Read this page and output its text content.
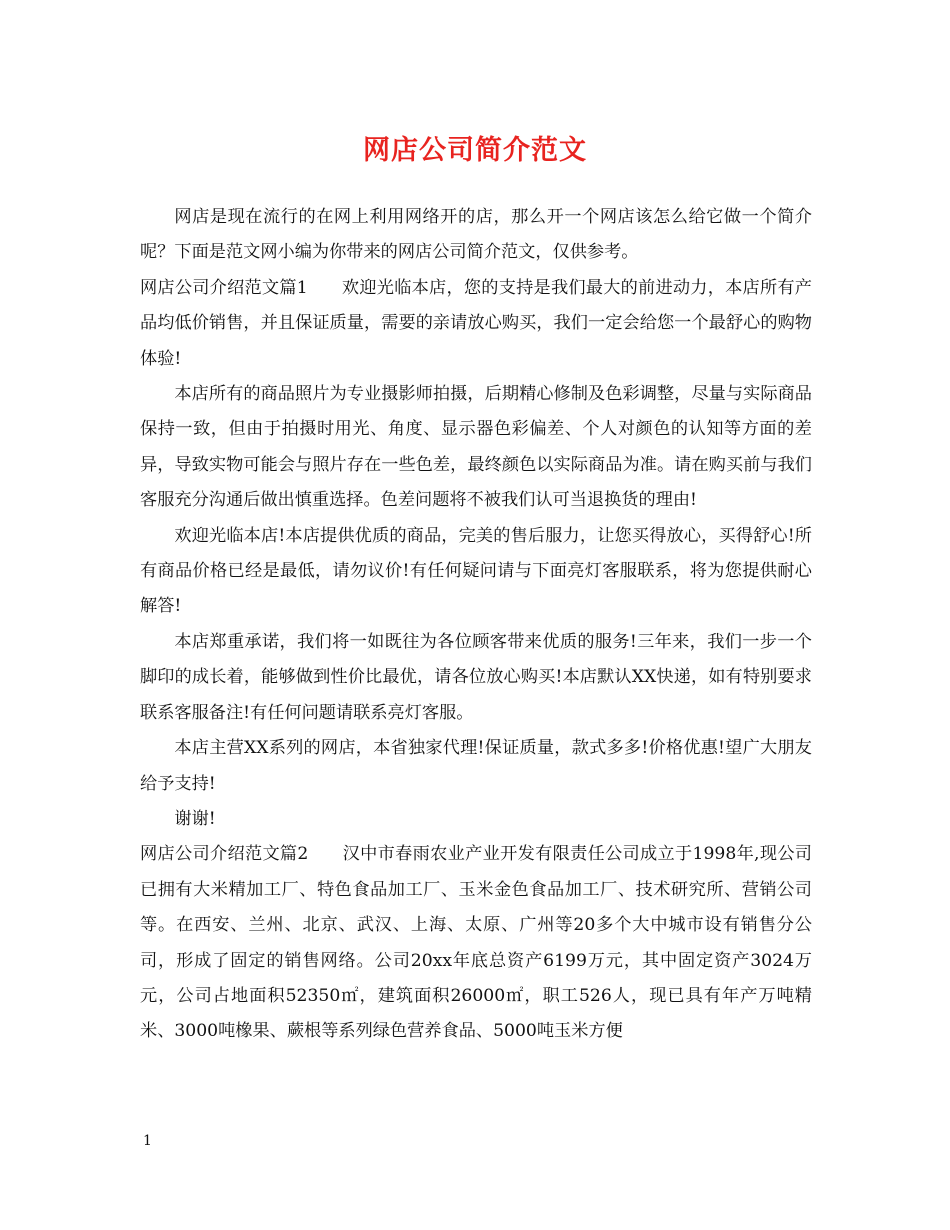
网店公司简介范文

网店是现在流行的在网上利用网络开的店，那么开一个网店该怎么给它做一个简介呢？下面是范文网小编为你带来的网店公司简介范文，仅供参考。

网店公司介绍范文篇1 欢迎光临本店，您的支持是我们最大的前进动力，本店所有产品均低价销售，并且保证质量，需要的亲请放心购买，我们一定会给您一个最舒心的购物体验!

本店所有的商品照片为专业摄影师拍摄，后期精心修制及色彩调整，尽量与实际商品保持一致，但由于拍摄时用光、角度、显示器色彩偏差、个人对颜色的认知等方面的差异，导致实物可能会与照片存在一些色差，最终颜色以实际商品为准。请在购买前与我们客服充分沟通后做出慎重选择。色差问题将不被我们认可当退换货的理由!

欢迎光临本店!本店提供优质的商品，完美的售后服力，让您买得放心，买得舒心!所有商品价格已经是最低，请勿议价!有任何疑问请与下面亮灯客服联系，将为您提供耐心解答!

本店郑重承诺，我们将一如既往为各位顾客带来优质的服务!三年来，我们一步一个脚印的成长着，能够做到性价比最优，请各位放心购买!本店默认XX快递，如有特别要求联系客服备注!有任何问题请联系亮灯客服。

本店主营XX系列的网店，本省独家代理!保证质量，款式多多!价格优惠!望广大朋友给予支持!

谢谢!

网店公司介绍范文篇2 汉中市春雨农业产业开发有限责任公司成立于1998年,现公司已拥有大米精加工厂、特色食品加工厂、玉米金色食品加工厂、技术研究所、营销公司等。在西安、兰州、北京、武汉、上海、太原、广州等20多个大中城市设有销售分公司，形成了固定的销售网络。公司20xx年底总资产6199万元，其中固定资产3024万元，公司占地面积52350㎡，建筑面积26000㎡，职工526人，现已具有年产万吨精米、3000吨橡果、蕨根等系列绿色营养食品、5000吨玉米方便

1
